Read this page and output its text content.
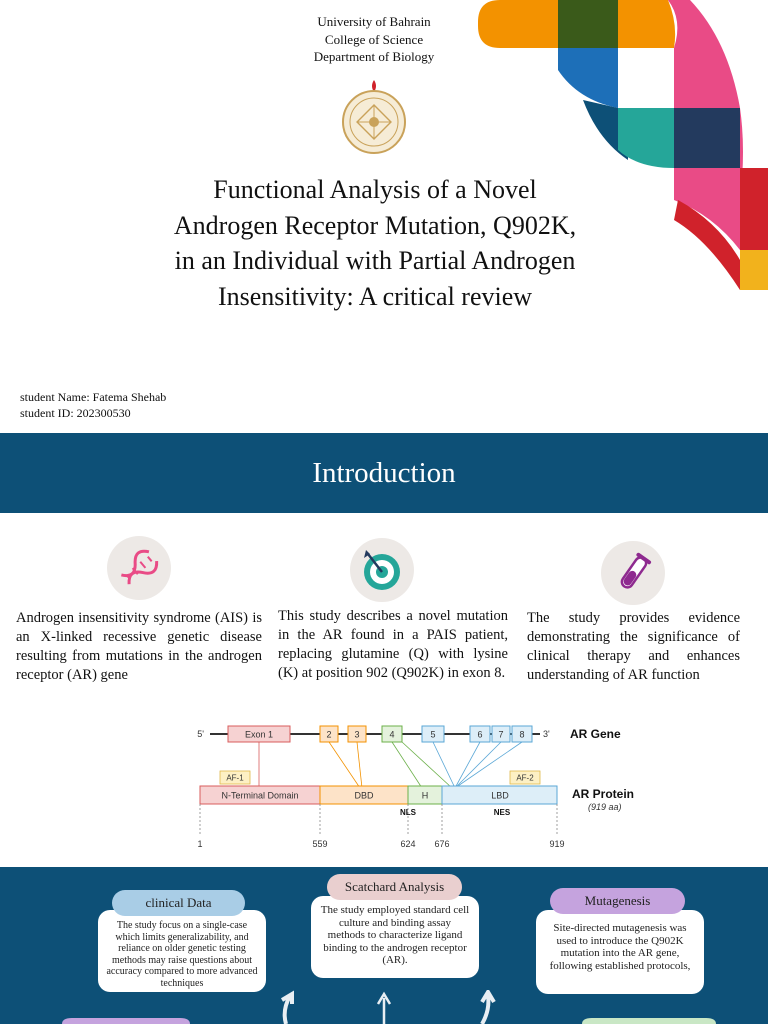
University of Bahrain
College of Science
Department of Biology
Functional Analysis of a Novel
Androgen Receptor Mutation, Q902K,
in an Individual with Partial Androgen
Insensitivity: A critical review
student Name: Fatema Shehab
student ID: 202300530
Introduction
Androgen insensitivity syndrome (AIS) is an X-linked recessive genetic disease resulting from mutations in the androgen receptor (AR) gene
This study describes a novel mutation in the AR found in a PAIS patient, replacing glutamine (Q) with lysine (K) at position 902 (Q902K) in exon 8.
The study provides evidence demonstrating the significance of clinical therapy and enhances understanding of AR function
5'	3'
Exon 1	2	3	4	5	6 7 8	AR Gene
AF-1	AF-2
N-Terminal Domain	DBD	H	LBD
NLS	NES
AR Protein
(919 aa)
1	559	624 676	919
The study focus on a single-case which limits generalizability, and reliance on older genetic testing methods may raise questions about accuracy compared to more advanced techniques
clinical Data	The study employed standard cell culture and binding assay methods to characterize ligand binding to the androgen receptor (AR).
Scatchard Analysis
Site-directed mutagenesis was used to introduce the Q902K mutation into the AR gene, following established protocols,
Mutagenesis
